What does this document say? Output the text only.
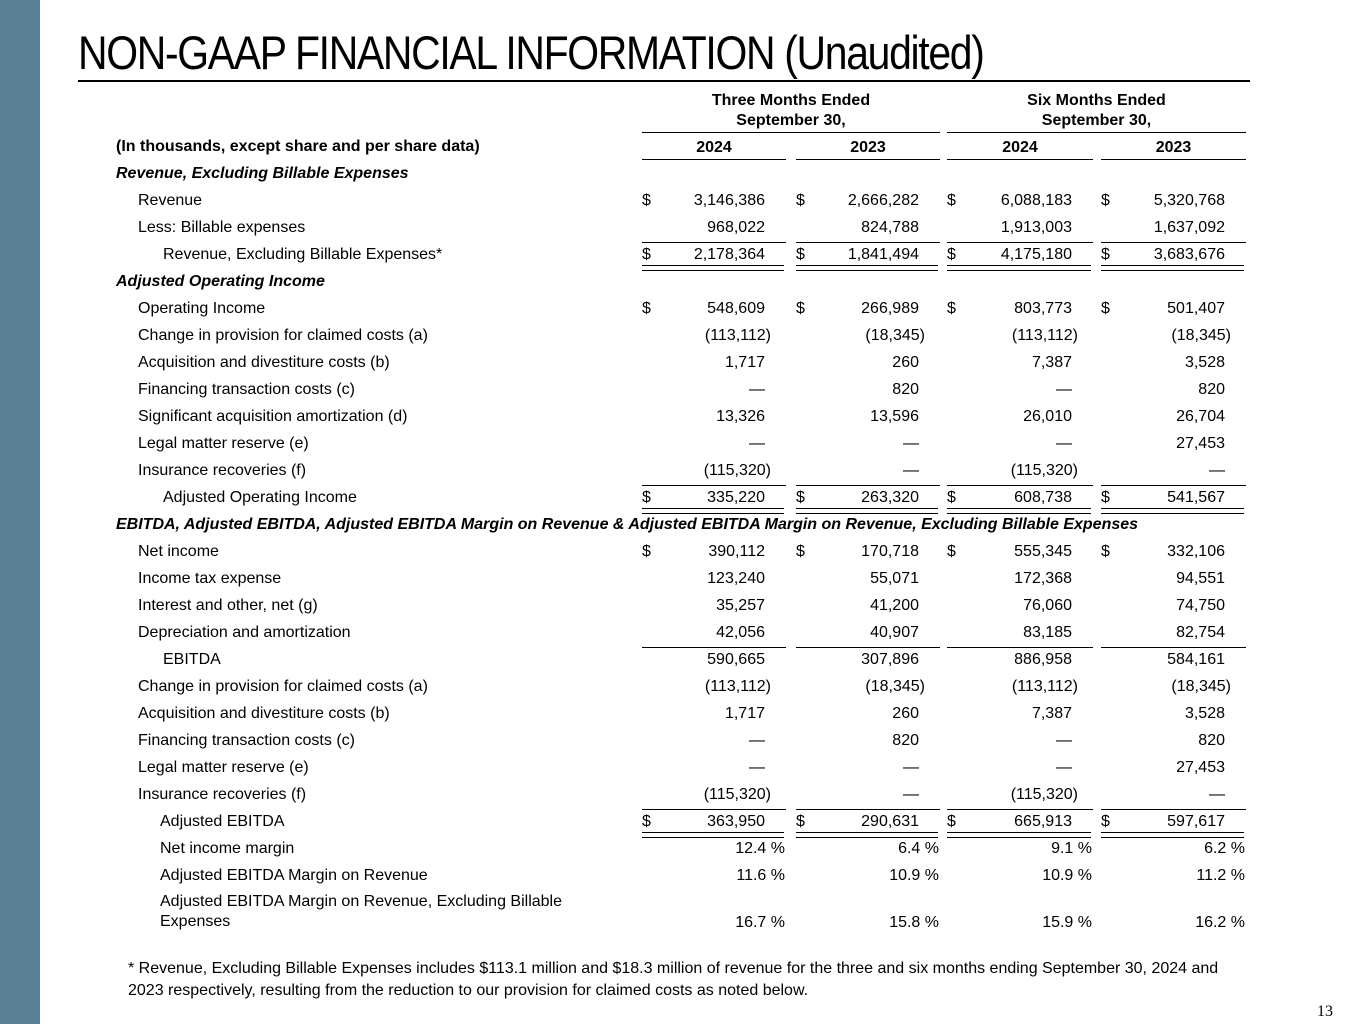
NON-GAAP FINANCIAL INFORMATION (Unaudited)
Three Months Ended
September 30,
Six Months Ended
September 30,
(In thousands, except share and per share data)	2024	2023	2024	2023
Revenue, Excluding Billable Expenses
Revenue	$	3,146,386 $	2,666,282 $	6,088,183 $	5,320,768
Less: Billable expenses	968,022	824,788	1,913,003	1,637,092
Revenue, Excluding Billable Expenses*	$	2,178,364 $	1,841,494 $	4,175,180 $	3,683,676
Adjusted Operating Income
Operating Income	$	548,609 $	266,989 $	803,773 $	501,407
Change in provision for claimed costs (a)	(113,112)	(18,345)	(113,112)	(18,345)
Acquisition and divestiture costs (b)	1,717	260	7,387	3,528
Financing transaction costs (c)	—	820	—	820
Significant acquisition amortization (d)	13,326	13,596	26,010	26,704
Legal matter reserve (e)	—	—	—	27,453
Insurance recoveries (f)	(115,320)	—	(115,320)	—
Adjusted Operating Income	$	335,220 $	263,320 $	608,738 $	541,567
EBITDA, Adjusted EBITDA, Adjusted EBITDA Margin on Revenue & Adjusted EBITDA Margin on Revenue, Excluding Billable Expenses
Net income	$	390,112 $	170,718 $	555,345 $	332,106
Income tax expense	123,240	55,071	172,368	94,551
Interest and other, net (g)	35,257	41,200	76,060	74,750
Depreciation and amortization	42,056	40,907	83,185	82,754
EBITDA	590,665	307,896	886,958	584,161
Change in provision for claimed costs (a)	(113,112)	(18,345)	(113,112)	(18,345)
Acquisition and divestiture costs (b)	1,717	260	7,387	3,528
Financing transaction costs (c)	—	820	—	820
Legal matter reserve (e)	—	—	—	27,453
Insurance recoveries (f)	(115,320)	—	(115,320)	—
Adjusted EBITDA	$	363,950 $	290,631 $	665,913 $	597,617
Net income margin	12.4 %	6.4 %	9.1 %	6.2 %
Adjusted EBITDA Margin on Revenue	11.6 %	10.9 %	10.9 %	11.2 %
Adjusted EBITDA Margin on Revenue, Excluding Billable
Expenses	16.7 %	15.8 %	15.9 %	16.2 %
* Revenue, Excluding Billable Expenses includes $113.1 million and $18.3 million of revenue for the three and six months ending September 30, 2024 and 2023 respectively, resulting from the reduction to our provision for claimed costs as noted below.
13
